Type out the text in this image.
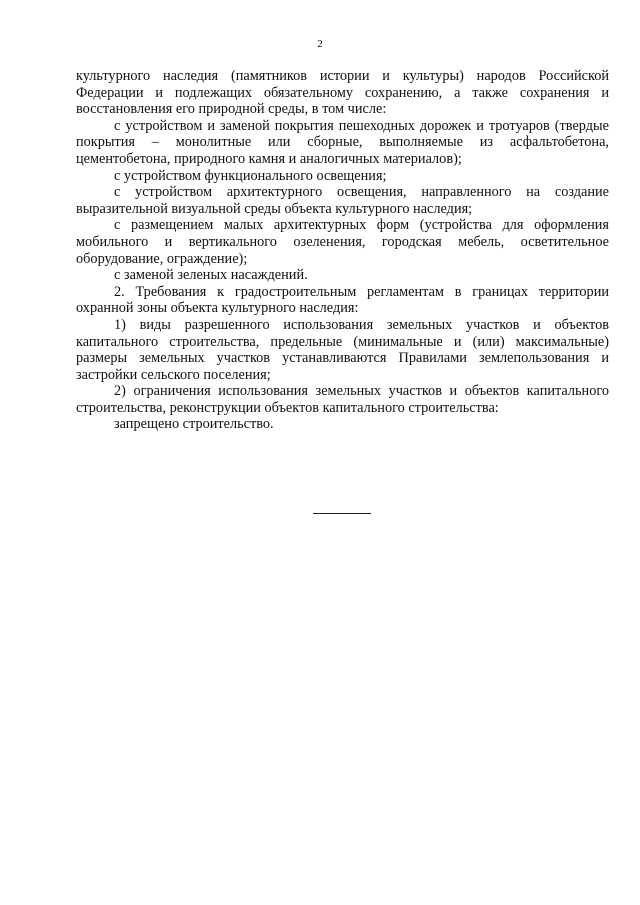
2

культурного наследия (памятников истории и культуры) народов Российской Федерации и подлежащих обязательному сохранению, а также сохранения и восстановления его природной среды, в том числе:

с устройством и заменой покрытия пешеходных дорожек и тротуаров (твердые покрытия – монолитные или сборные, выполняемые из асфальтобетона, цементобетона, природного камня и аналогичных материалов);

с устройством функционального освещения;

с устройством архитектурного освещения, направленного на создание выразительной визуальной среды объекта культурного наследия;

с размещением малых архитектурных форм (устройства для оформления мобильного и вертикального озеленения, городская мебель, осветительное оборудование, ограждение);

с заменой зеленых насаждений.

2. Требования к градостроительным регламентам в границах территории охранной зоны объекта культурного наследия:

1) виды разрешенного использования земельных участков и объектов капитального строительства, предельные (минимальные и (или) максимальные) размеры земельных участков устанавливаются Правилами землепользования и застройки сельского поселения;

2) ограничения использования земельных участков и объектов капитального строительства, реконструкции объектов капитального строительства:

запрещено строительство.
